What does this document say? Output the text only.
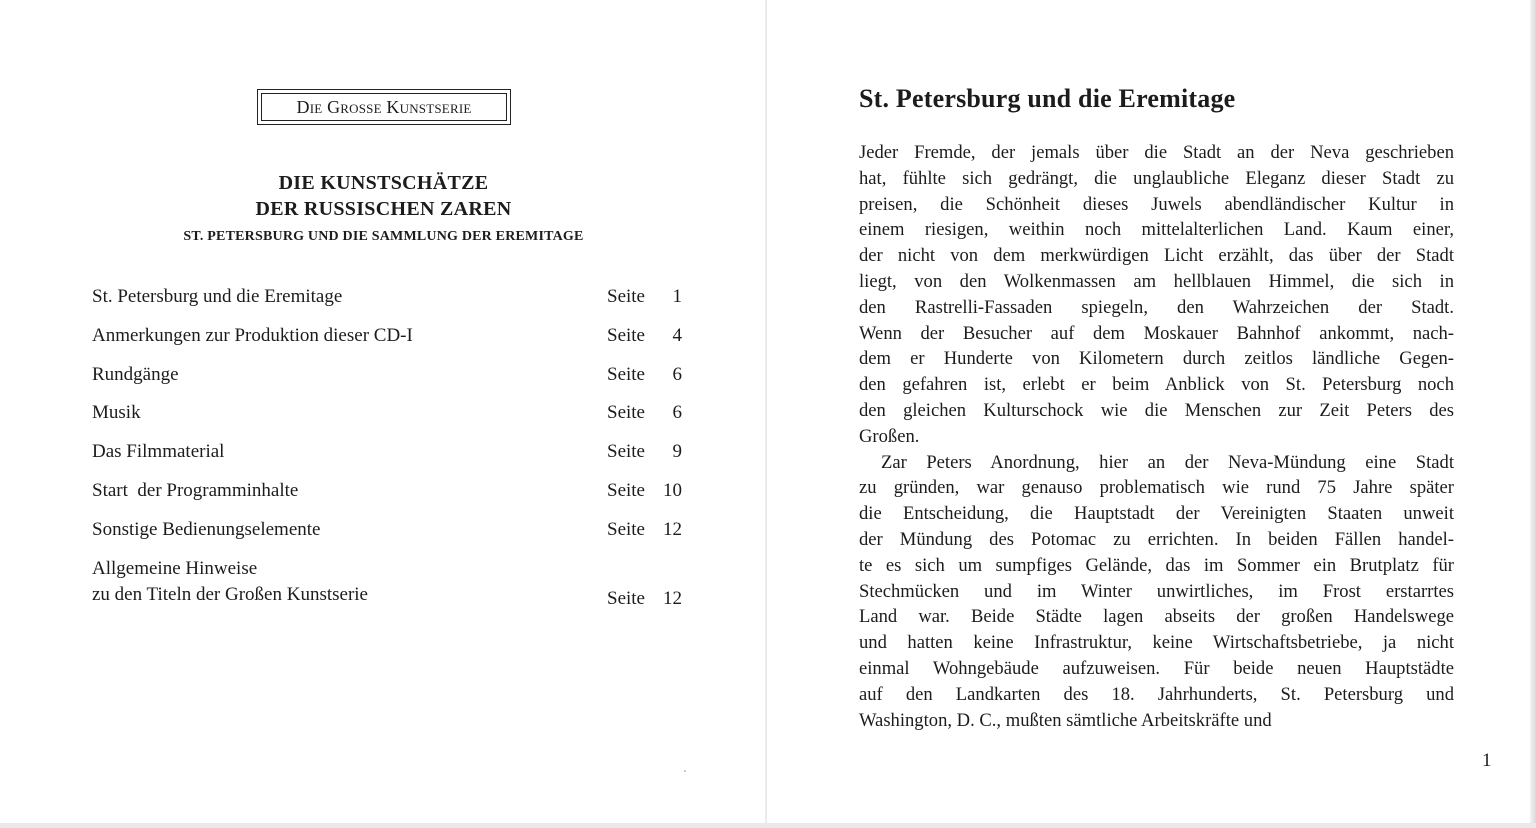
Die Grosse Kunstserie
DIE KUNSTSCHÄTZE
DER RUSSISCHEN ZAREN
ST. PETERSBURG UND DIE SAMMLUNG DER EREMITAGE
St. Petersburg und die Eremitage	Seite 1
Anmerkungen zur Produktion dieser CD-I	Seite 4
Rundgänge	Seite 6
Musik	Seite 6
Das Filmmaterial	Seite 9
Start  der Programminhalte	Seite 10
Sonstige Bedienungselemente	Seite 12
Allgemeine Hinweise
zu den Titeln der Großen Kunstserie	Seite 12
St. Petersburg und die Eremitage
Jeder Fremde, der jemals über die Stadt an der Neva geschrieben
hat, fühlte sich gedrängt, die unglaubliche Eleganz dieser Stadt zu
preisen, die Schönheit dieses Juwels abendländischer Kultur in
einem riesigen, weithin noch mittelalterlichen Land. Kaum einer,
der nicht von dem merkwürdigen Licht erzählt, das über der Stadt
liegt, von den Wolkenmassen am hellblauen Himmel, die sich in
den Rastrelli-Fassaden spiegeln, den Wahrzeichen der Stadt.
Wenn der Besucher auf dem Moskauer Bahnhof ankommt, nach-
dem er Hunderte von Kilometern durch zeitlos ländliche Gegen-
den gefahren ist, erlebt er beim Anblick von St. Petersburg noch
den gleichen Kulturschock wie die Menschen zur Zeit Peters des
Großen.
Zar Peters Anordnung, hier an der Neva-Mündung eine Stadt
zu gründen, war genauso problematisch wie rund 75 Jahre später
die Entscheidung, die Hauptstadt der Vereinigten Staaten unweit
der Mündung des Potomac zu errichten. In beiden Fällen handel-
te es sich um sumpfiges Gelände, das im Sommer ein Brutplatz für
Stechmücken und im Winter unwirtliches, im Frost erstarrtes
Land war. Beide Städte lagen abseits der großen Handelswege
und hatten keine Infrastruktur, keine Wirtschaftsbetriebe, ja nicht
einmal Wohngebäude aufzuweisen. Für beide neuen Hauptstädte
auf den Landkarten des 18. Jahrhunderts, St. Petersburg und
Washington, D. C., mußten sämtliche Arbeitskräfte und
1
